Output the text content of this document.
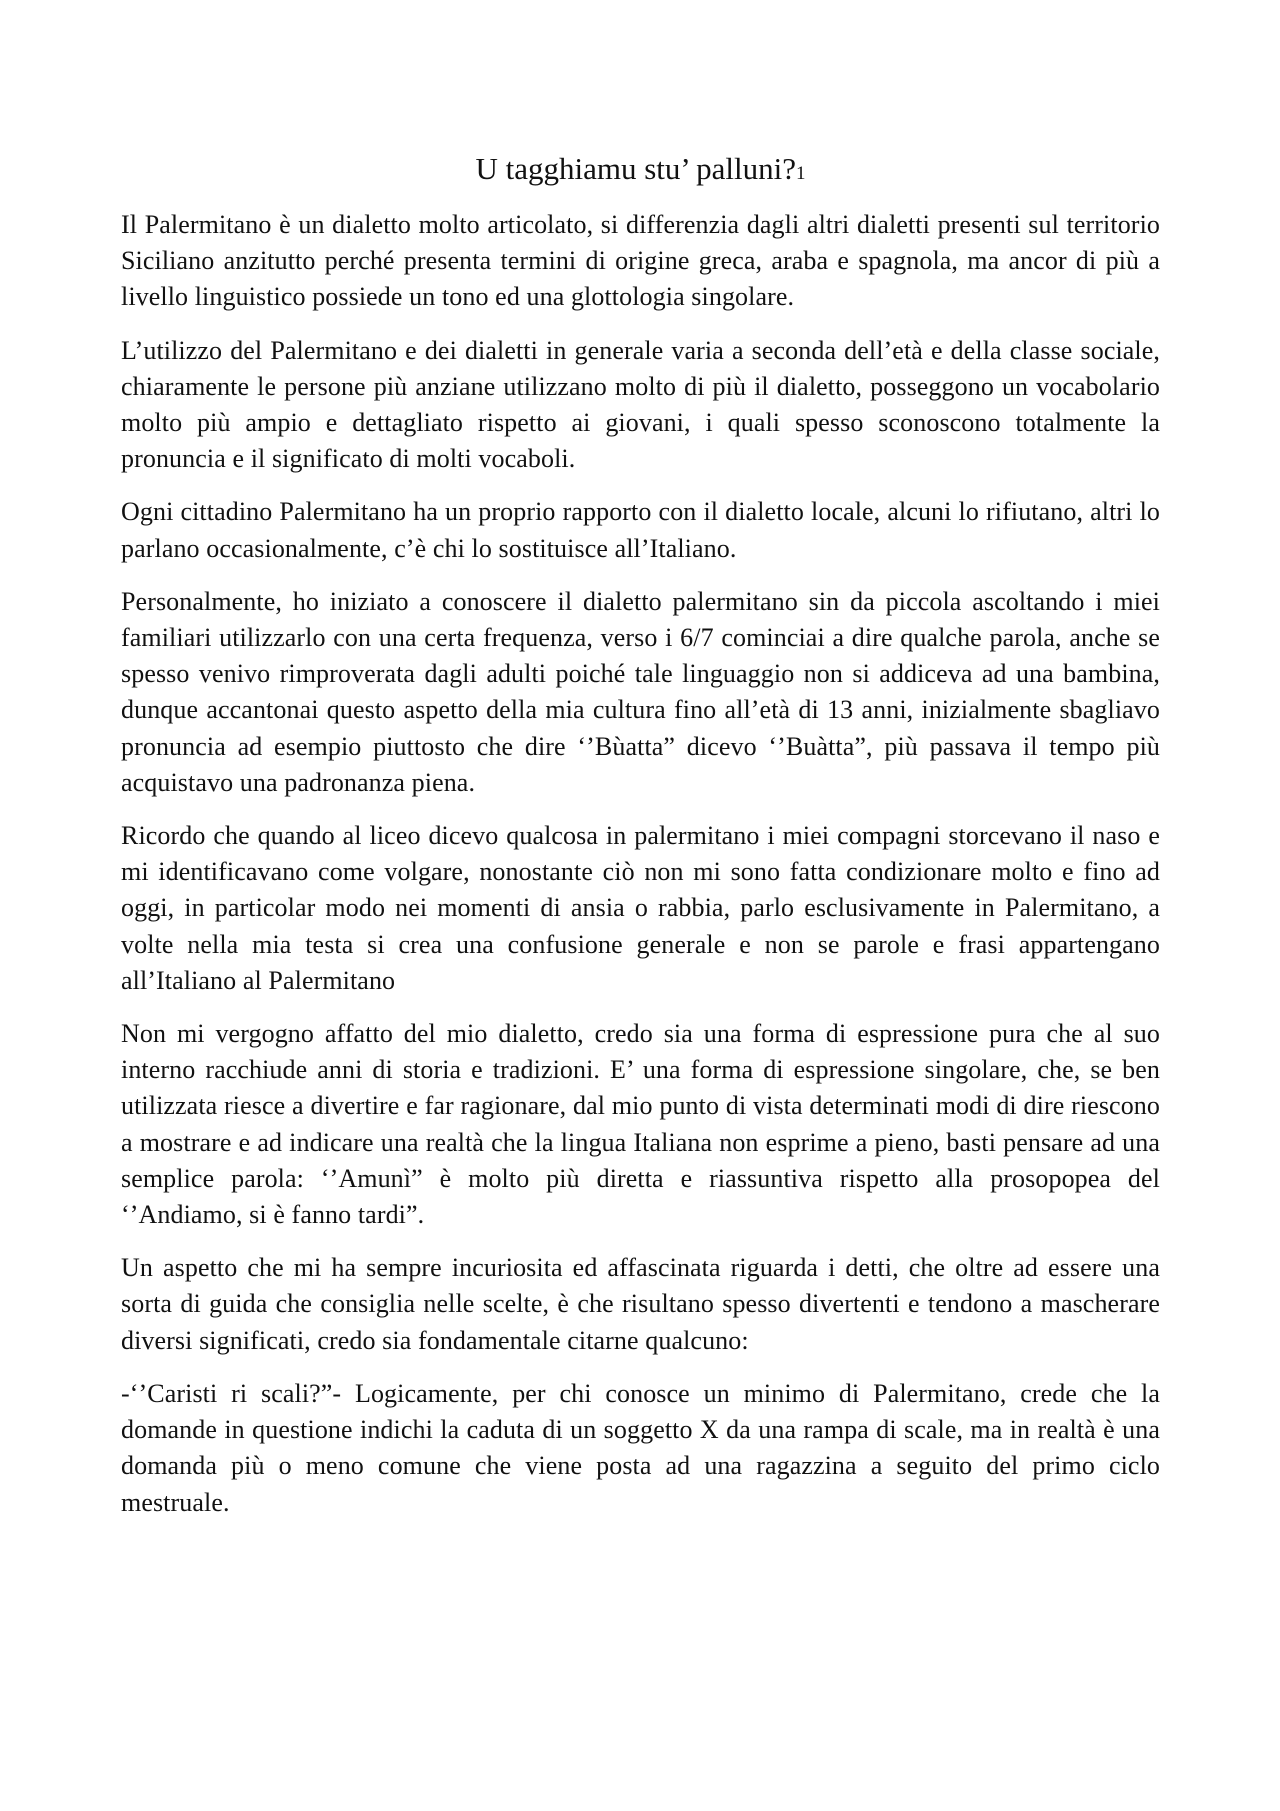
U tagghiamu stu’ palluni?1

Il Palermitano è un dialetto molto articolato, si differenzia dagli altri dialetti presenti sul territorio Siciliano anzitutto perché presenta termini di origine greca, araba e spagnola, ma ancor di più a livello linguistico possiede un tono ed una glottologia singolare.

L’utilizzo del Palermitano e dei dialetti in generale varia a seconda dell’età e della classe sociale, chiaramente le persone più anziane utilizzano molto di più il dialetto, posseggono un vocabolario molto più ampio e dettagliato rispetto ai giovani, i quali spesso sconoscono totalmente la pronuncia e il significato di molti vocaboli.

Ogni cittadino Palermitano ha un proprio rapporto con il dialetto locale, alcuni lo rifiutano, altri lo parlano occasionalmente, c’è chi lo sostituisce all’Italiano.

Personalmente, ho iniziato a conoscere il dialetto palermitano sin da piccola ascoltando i miei familiari utilizzarlo con una certa frequenza, verso i 6/7 cominciai a dire qualche parola, anche se spesso venivo rimproverata dagli adulti poiché tale linguaggio non si addiceva ad una bambina, dunque accantonai questo aspetto della mia cultura fino all’età di 13 anni, inizialmente sbagliavo pronuncia ad esempio piuttosto che dire ‘’Bùatta” dicevo ‘’Buàtta”, più passava il tempo più acquistavo una padronanza piena.

Ricordo che quando al liceo dicevo qualcosa in palermitano i miei compagni storcevano il naso e mi identificavano come volgare, nonostante ciò non mi sono fatta condizionare molto e fino ad oggi, in particolar modo nei momenti di ansia o rabbia, parlo esclusivamente in Palermitano, a volte nella mia testa si crea una confusione generale e non se parole e frasi appartengano all’Italiano al Palermitano

Non mi vergogno affatto del mio dialetto, credo sia una forma di espressione pura che al suo interno racchiude anni di storia e tradizioni. E’ una forma di espressione singolare, che, se ben utilizzata riesce a divertire e far ragionare, dal mio punto di vista determinati modi di dire riescono a mostrare e ad indicare una realtà che la lingua Italiana non esprime a pieno, basti pensare ad una semplice parola: ‘’Amunì” è molto più diretta e riassuntiva rispetto alla prosopopea del ‘’Andiamo, si è fanno tardi”.

Un aspetto che mi ha sempre incuriosita ed affascinata riguarda i detti, che oltre ad essere una sorta di guida che consiglia nelle scelte, è che risultano spesso divertenti e tendono a mascherare diversi significati, credo sia fondamentale citarne qualcuno:

-‘’Caristi ri scali?”- Logicamente, per chi conosce un minimo di Palermitano, crede che la domande in questione indichi la caduta di un soggetto X da una rampa di scale, ma in realtà è una domanda più o meno comune che viene posta ad una ragazzina a seguito del primo ciclo mestruale.
